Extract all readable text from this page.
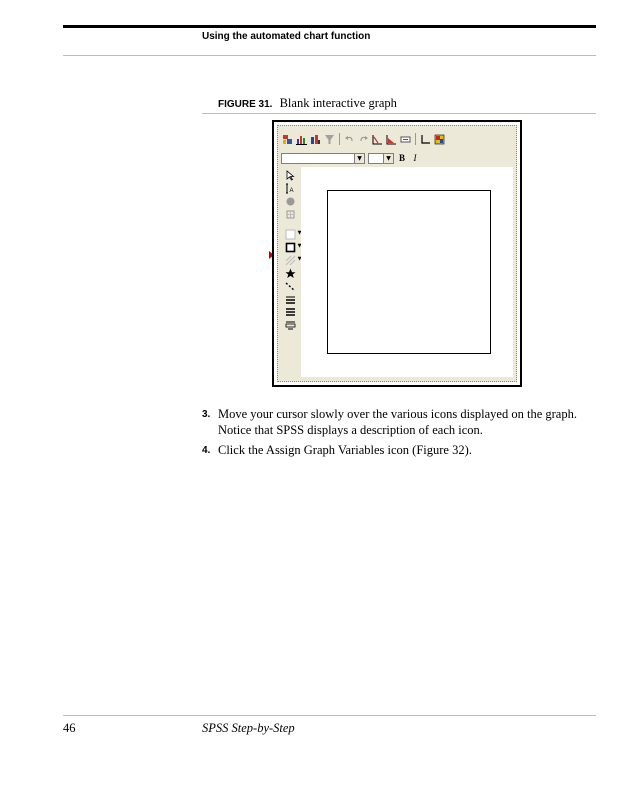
Using the automated chart function
FIGURE 31. Blank interactive graph
▼	▼ B I
A
▼
▼
▼
3. Move your cursor slowly over the various icons displayed on the graph. Notice that SPSS displays a description of each icon.
4. Click the Assign Graph Variables icon (Figure 32).
46	SPSS Step-by-Step
